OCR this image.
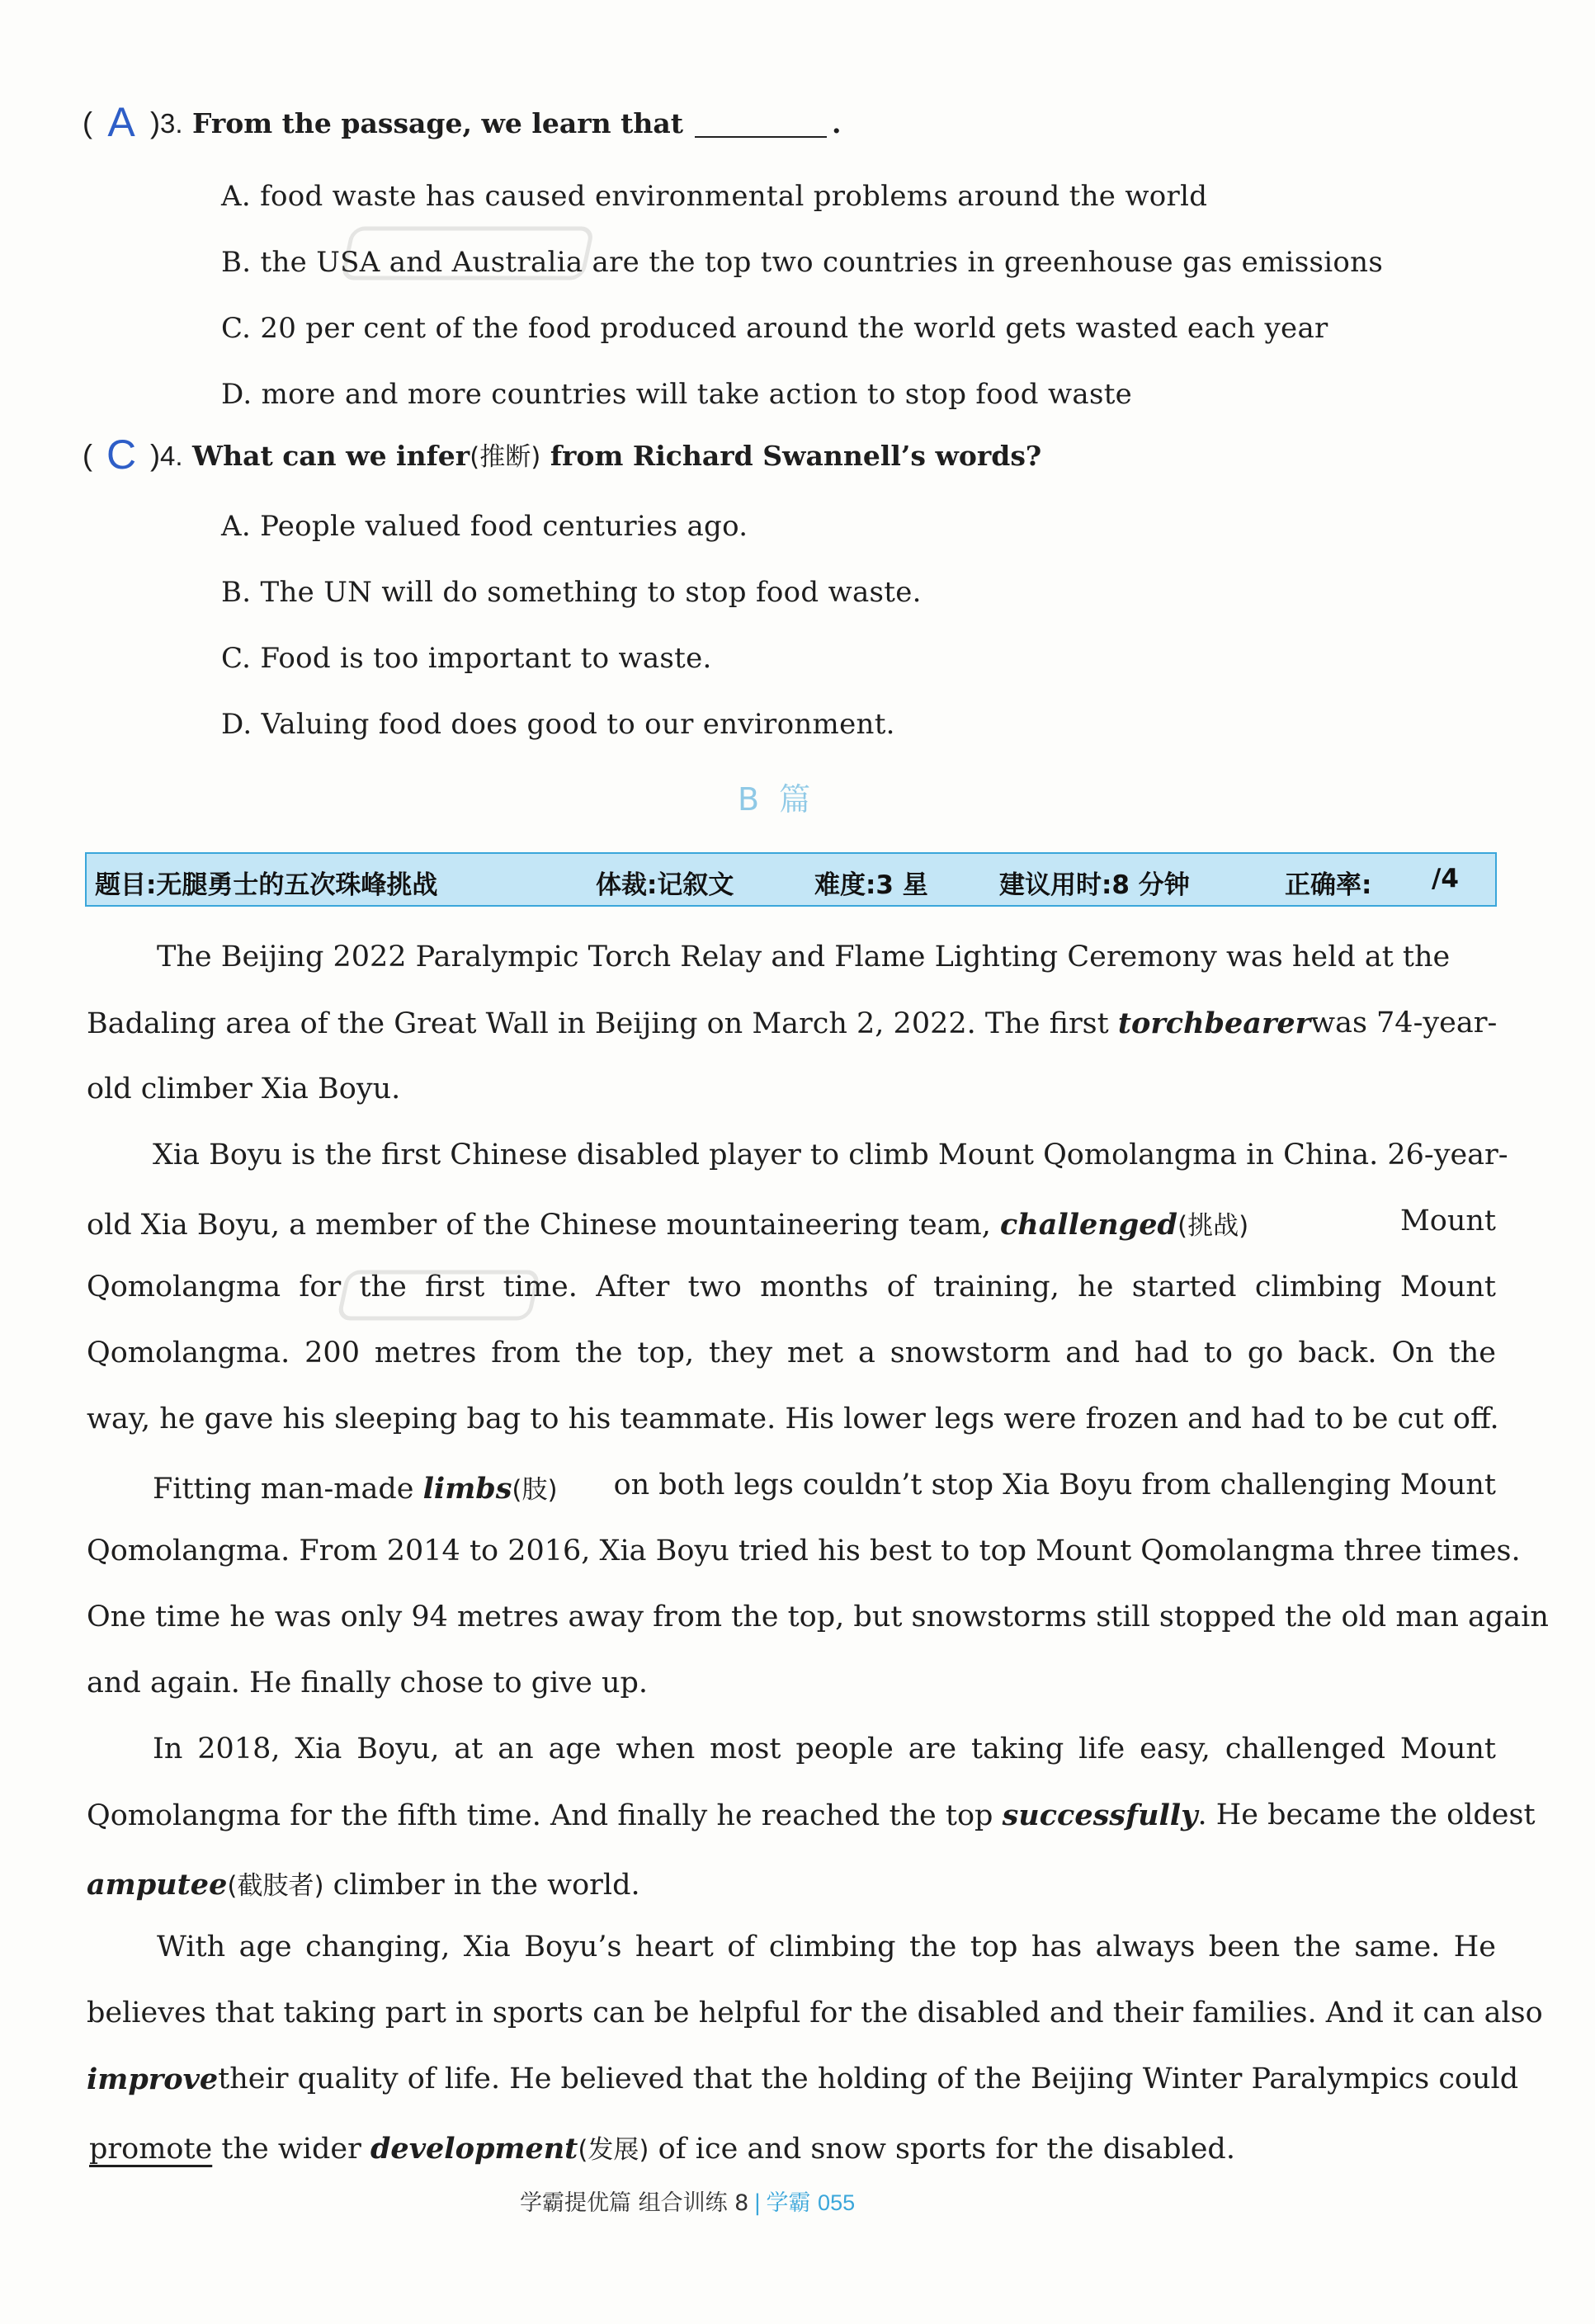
( A )3. From the passage, we learn that	.
A. food waste has caused environmental problems around the world
B. the USA and Australia are the top two countries in greenhouse gas emissions
C. 20 per cent of the food produced around the world gets wasted each year
D. more and more countries will take action to stop food waste
( C )4. What can we infer(推断) from Richard Swannell’s words?
A. People valued food centuries ago.
B. The UN will do something to stop food waste.
C. Food is too important to waste.
D. Valuing food does good to our environment.
B篇
题目:无腿勇士的五次珠峰挑战	体裁:记叙文	难度:3 星	建议用时:8 分钟	正确率: /4
The Beijing 2022 Paralympic Torch Relay and Flame Lighting Ceremony was held at the
Badaling area of the Great Wall in Beijing on March 2, 2022. The first torchbearer was 74-year-
old climber Xia Boyu.
Xia Boyu is the first Chinese disabled player to climb Mount Qomolangma in China. 26-year-
old Xia Boyu, a member of the Chinese mountaineering team, challenged(挑战)	Mount
Qomolangma for the first time. After two months of training, he started climbing Mount
Qomolangma. 200 metres from the top, they met a snowstorm and had to go back. On the
way, he gave his sleeping bag to his teammate. His lower legs were frozen and had to be cut off.
Fitting man-made limbs(肢) on both legs couldn’t stop Xia Boyu from challenging Mount
Qomolangma. From 2014 to 2016, Xia Boyu tried his best to top Mount Qomolangma three times.
One time he was only 94 metres away from the top, but snowstorms still stopped the old man again
and again. He finally chose to give up.
In 2018, Xia Boyu, at an age when most people are taking life easy, challenged Mount
Qomolangma for the fifth time. And finally he reached the top successfully . He became the oldest
amputee(截肢者) climber in the world.
With age changing, Xia Boyu’s heart of climbing the top has always been the same. He
believes that taking part in sports can be helpful for the disabled and their families. And it can also
improve their quality of life. He believed that the holding of the Beijing Winter Paralympics could
promote the wider development(发展) of ice and snow sports for the disabled.
学霸提优篇 组合训练 8 | 学霸 055
